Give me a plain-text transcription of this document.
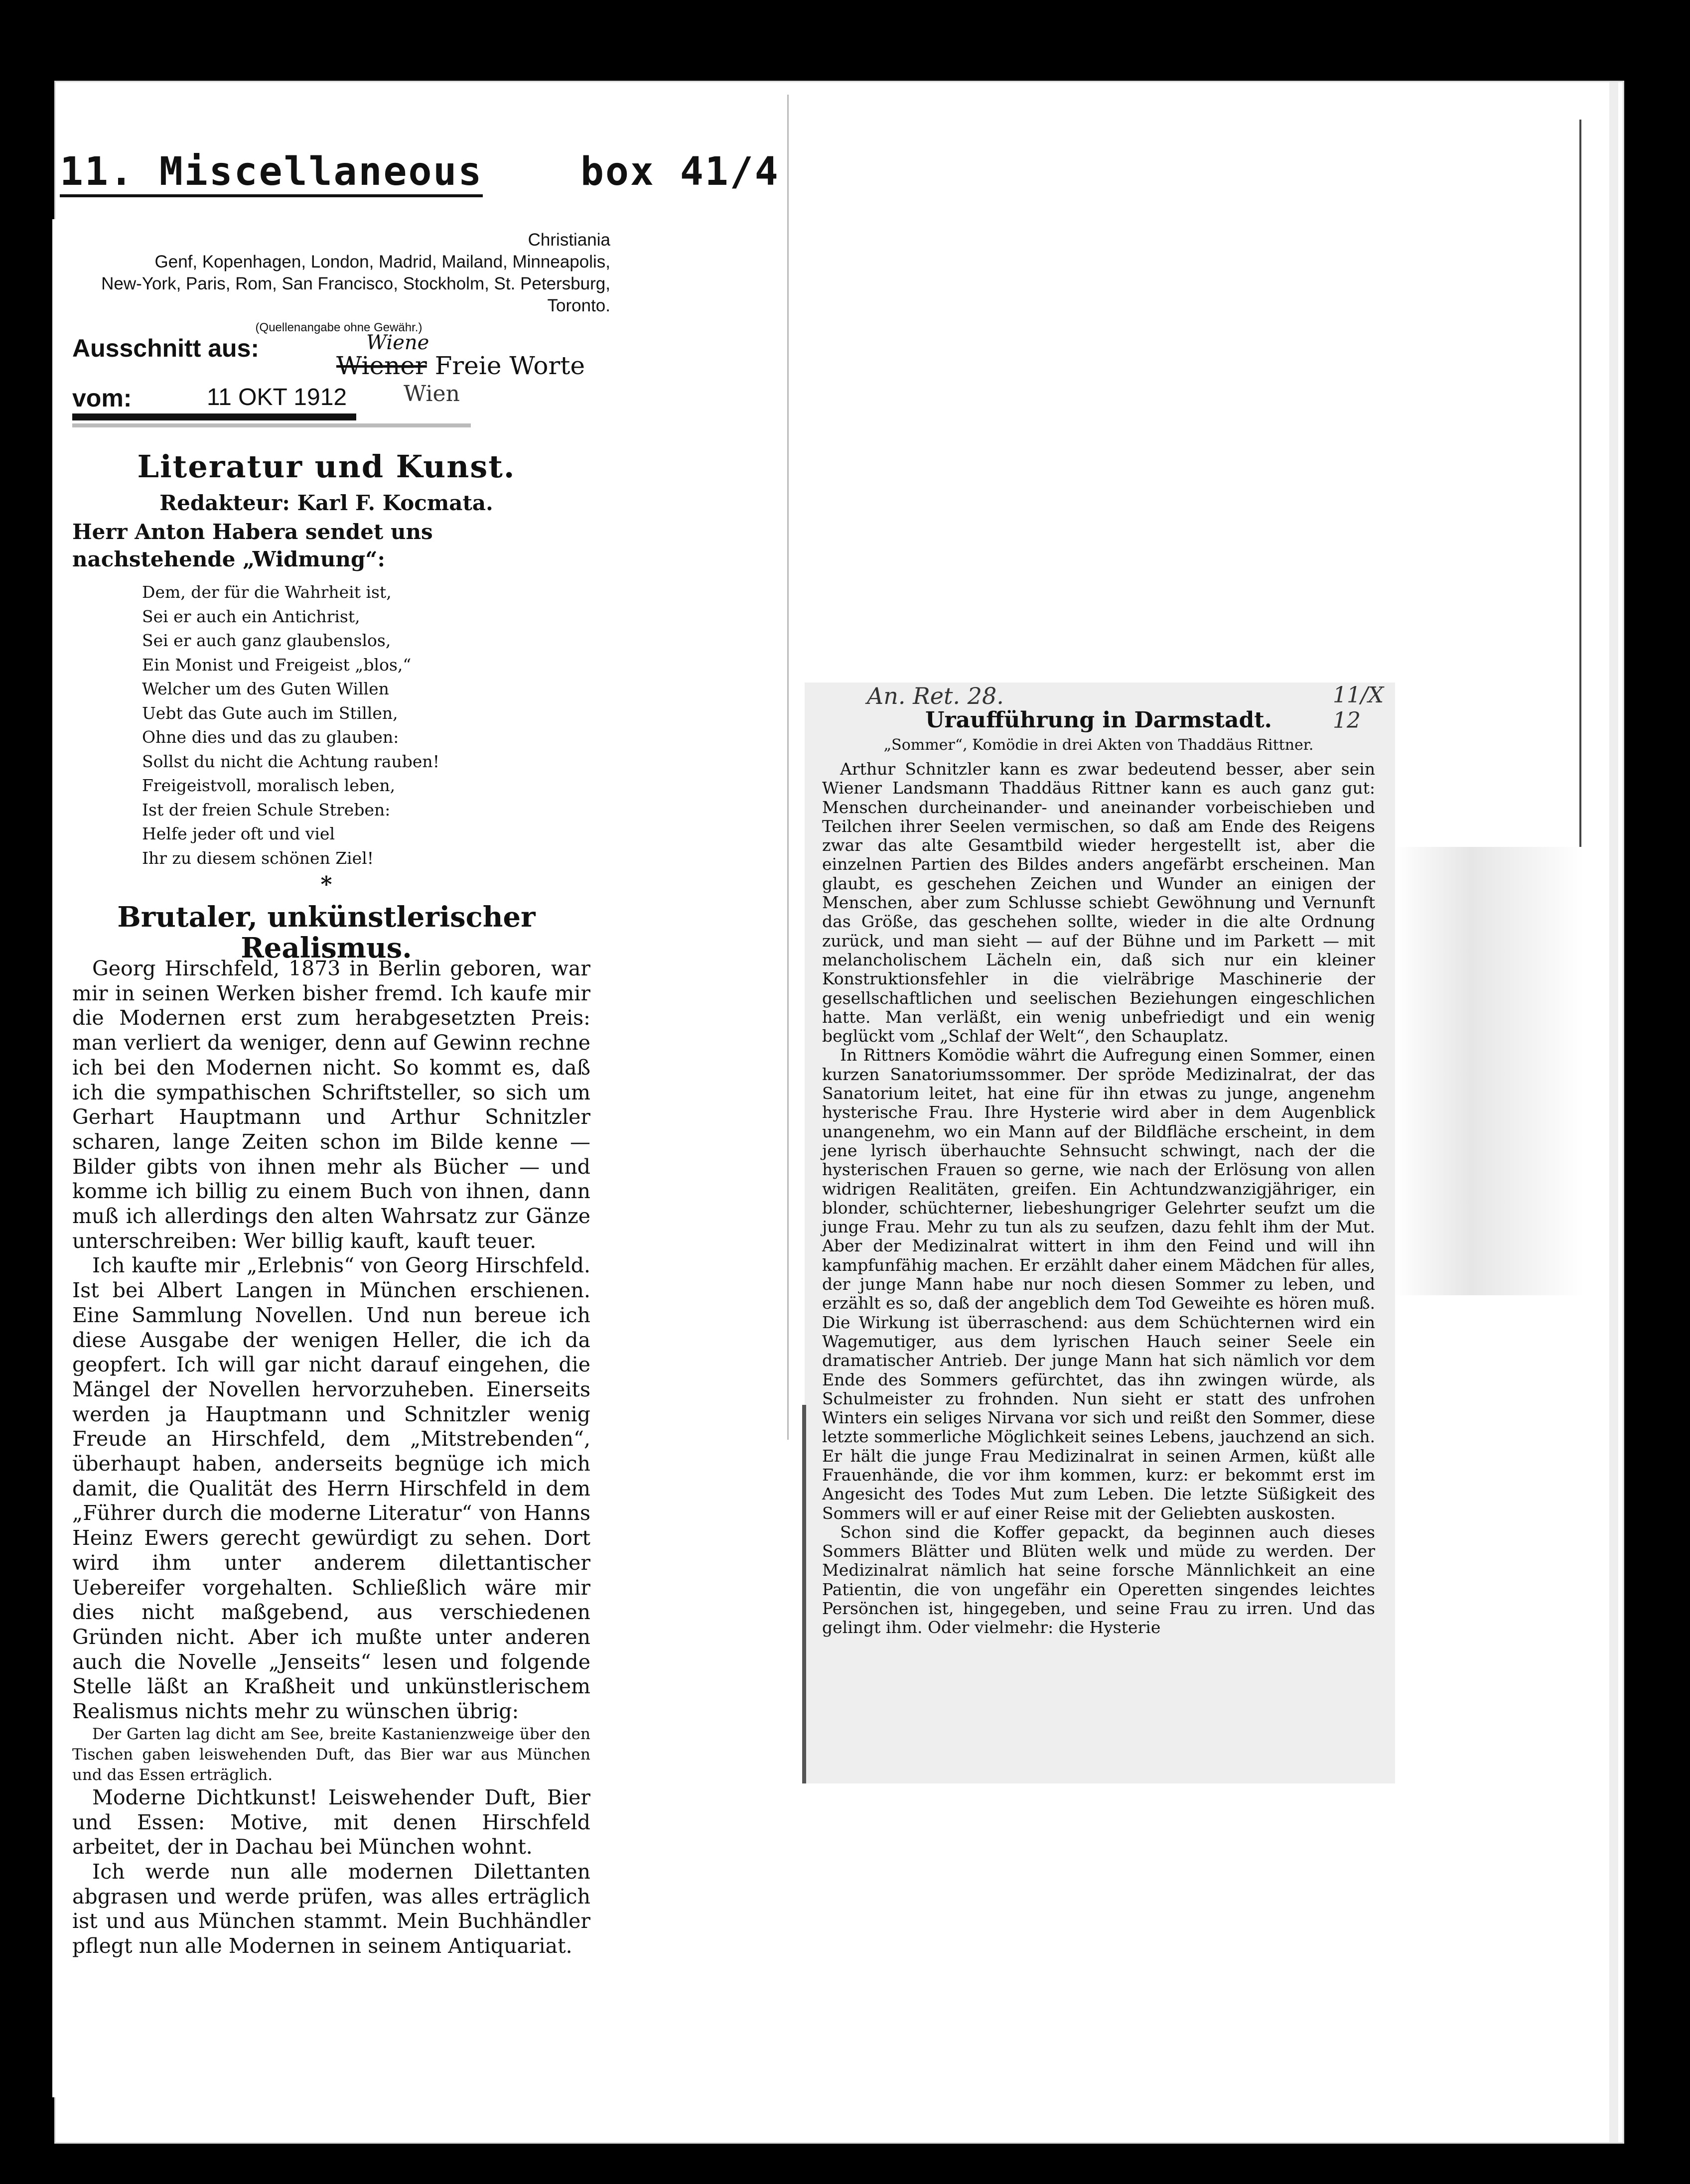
11. Miscellaneous	box 41/4
Christiania
Genf, Kopenhagen, London, Madrid, Mailand, Minneapolis,
New-York, Paris, Rom, San Francisco, Stockholm, St. Petersburg, Toronto.
(Quellenangabe ohne Gewähr.)
Ausschnitt aus:	Wiene
Wiener Freie Worte
vom:	11 OKT 1912	Wien
Literatur und Kunst.
Redakteur: Karl F. Kocmata.
Herr Anton Habera sendet uns nachstehende „Widmung“:
Dem, der für die Wahrheit ist,
Sei er auch ein Antichrist,
Sei er auch ganz glaubenslos,
Ein Monist und Freigeist „blos,“
Welcher um des Guten Willen
Uebt das Gute auch im Stillen,
Ohne dies und das zu glauben:
Sollst du nicht die Achtung rauben!
Freigeistvoll, moralisch leben,
Ist der freien Schule Streben:
Helfe jeder oft und viel
Ihr zu diesem schönen Ziel!
*
Brutaler, unkünstlerischer Realismus.

Georg Hirschfeld, 1873 in Berlin geboren, war mir in seinen Werken bisher fremd. Ich kaufe mir die Modernen erst zum herabgesetzten Preis: man verliert da weniger, denn auf Gewinn rechne ich bei den Modernen nicht. So kommt es, daß ich die sympathischen Schriftsteller, so sich um Gerhart Hauptmann und Arthur Schnitzler scharen, lange Zeiten schon im Bilde kenne — Bilder gibts von ihnen mehr als Bücher — und komme ich billig zu einem Buch von ihnen, dann muß ich allerdings den alten Wahrsatz zur Gänze unterschreiben: Wer billig kauft, kauft teuer.

Ich kaufte mir „Erlebnis“ von Georg Hirschfeld. Ist bei Albert Langen in München erschienen. Eine Sammlung Novellen. Und nun bereue ich diese Ausgabe der wenigen Heller, die ich da geopfert. Ich will gar nicht darauf eingehen, die Mängel der Novellen hervorzuheben. Einerseits werden ja Hauptmann und Schnitzler wenig Freude an Hirschfeld, dem „Mitstrebenden“, überhaupt haben, anderseits begnüge ich mich damit, die Qualität des Herrn Hirschfeld in dem „Führer durch die moderne Literatur“ von Hanns Heinz Ewers gerecht gewürdigt zu sehen. Dort wird ihm unter anderem dilettantischer Uebereifer vorgehalten. Schließlich wäre mir dies nicht maßgebend, aus verschiedenen Gründen nicht. Aber ich mußte unter anderen auch die Novelle „Jenseits“ lesen und folgende Stelle läßt an Kraßheit und unkünstlerischem Realismus nichts mehr zu wünschen übrig:

Der Garten lag dicht am See, breite Kastanienzweige über den Tischen gaben leiswehenden Duft, das Bier war aus München und das Essen erträglich.

Moderne Dichtkunst! Leiswehender Duft, Bier und Essen: Motive, mit denen Hirschfeld arbeitet, der in Dachau bei München wohnt.

Ich werde nun alle modernen Dilettanten abgrasen und werde prüfen, was alles erträglich ist und aus München stammt. Mein Buchhändler pflegt nun alle Modernen in seinem Antiquariat.

An. Ret. 28.	11/X 12
Uraufführung in Darmstadt.
„Sommer“, Komödie in drei Akten von Thaddäus Rittner.

Arthur Schnitzler kann es zwar bedeutend besser, aber sein Wiener Landsmann Thaddäus Rittner kann es auch ganz gut: Menschen durcheinander- und aneinander vorbeischieben und Teilchen ihrer Seelen vermischen, so daß am Ende des Reigens zwar das alte Gesamtbild wieder hergestellt ist, aber die einzelnen Partien des Bildes anders angefärbt erscheinen. Man glaubt, es geschehen Zeichen und Wunder an einigen der Menschen, aber zum Schlusse schiebt Gewöhnung und Vernunft das Größe, das geschehen sollte, wieder in die alte Ordnung zurück, und man sieht — auf der Bühne und im Parkett — mit melancholischem Lächeln ein, daß sich nur ein kleiner Konstruktionsfehler in die vielräbrige Maschinerie der gesellschaftlichen und seelischen Beziehungen eingeschlichen hatte. Man verläßt, ein wenig unbefriedigt und ein wenig beglückt vom „Schlaf der Welt“, den Schauplatz.

In Rittners Komödie währt die Aufregung einen Sommer, einen kurzen Sanatoriumssommer. Der spröde Medizinalrat, der das Sanatorium leitet, hat eine für ihn etwas zu junge, angenehm hysterische Frau. Ihre Hysterie wird aber in dem Augenblick unangenehm, wo ein Mann auf der Bildfläche erscheint, in dem jene lyrisch überhauchte Sehnsucht schwingt, nach der die hysterischen Frauen so gerne, wie nach der Erlösung von allen widrigen Realitäten, greifen. Ein Achtundzwanzigjähriger, ein blonder, schüchterner, liebeshungriger Gelehrter seufzt um die junge Frau. Mehr zu tun als zu seufzen, dazu fehlt ihm der Mut. Aber der Medizinalrat wittert in ihm den Feind und will ihn kampfunfähig machen. Er erzählt daher einem Mädchen für alles, der junge Mann habe nur noch diesen Sommer zu leben, und erzählt es so, daß der angeblich dem Tod Geweihte es hören muß. Die Wirkung ist überraschend: aus dem Schüchternen wird ein Wagemutiger, aus dem lyrischen Hauch seiner Seele ein dramatischer Antrieb. Der junge Mann hat sich nämlich vor dem Ende des Sommers gefürchtet, das ihn zwingen würde, als Schulmeister zu frohnden. Nun sieht er statt des unfrohen Winters ein seliges Nirvana vor sich und reißt den Sommer, diese letzte sommerliche Möglichkeit seines Lebens, jauchzend an sich. Er hält die junge Frau Medizinalrat in seinen Armen, küßt alle Frauenhände, die vor ihm kommen, kurz: er bekommt erst im Angesicht des Todes Mut zum Leben. Die letzte Süßigkeit des Sommers will er auf einer Reise mit der Geliebten auskosten.

Schon sind die Koffer gepackt, da beginnen auch dieses Sommers Blätter und Blüten welk und müde zu werden. Der Medizinalrat nämlich hat seine forsche Männlichkeit an eine Patientin, die von ungefähr ein Operetten singendes leichtes Persönchen ist, hingegeben, und seine Frau zu irren. Und das gelingt ihm. Oder vielmehr: die Hysterie
